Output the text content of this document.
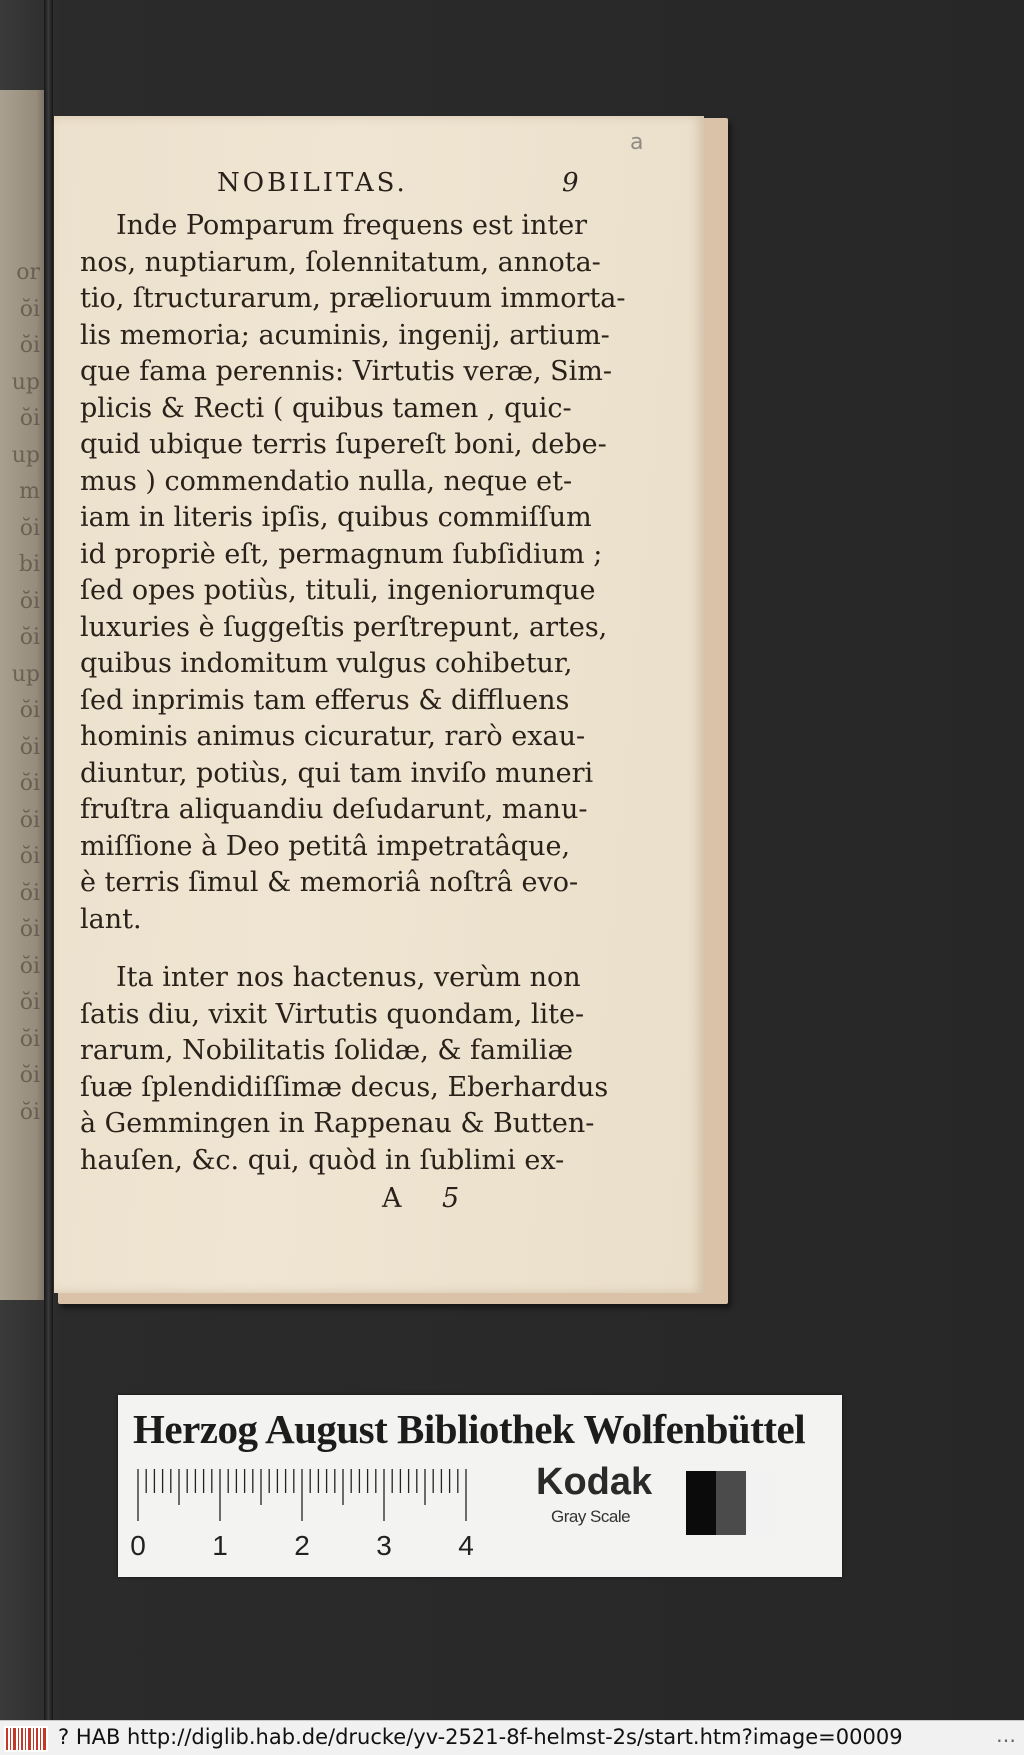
or
ŏi
ŏi
up
ŏi
up
m
ŏi
bi
ŏi
ŏi
up
ŏi
ŏi
ŏi
ŏi
ŏi
ŏi
ŏi
ŏi
ŏi
ŏi
ŏi
ŏi
a
NOBILITAS.	9
Inde Pomparum frequens est inter
nos, nuptiarum, ſolennitatum, annota-
tio, ſtructurarum, prælioruum immorta-
lis memoria; acuminis, ingenij, artium-
que fama perennis: Virtutis veræ, Sim-
plicis & Recti ( quibus tamen , quic-
quid ubique terris ſupereſt boni, debe-
mus ) commendatio nulla, neque et-
iam in literis ipſis, quibus commiſſum
id propriè eſt, permagnum ſubſidium ;
ſed opes potiùs, tituli, ingeniorumque
luxuries è ſuggeſtis perſtrepunt, artes,
quibus indomitum vulgus cohibetur,
ſed inprimis tam efferus & diffluens
hominis animus cicuratur, rarò exau-
diuntur, potiùs, qui tam inviſo muneri
fruſtra aliquandiu deſudarunt, manu-
miſſione à Deo petitâ impetratâque,
è terris ſimul & memoriâ noſtrâ evo-
lant.
Ita inter nos hactenus, verùm non
ſatis diu, vixit Virtutis quondam, lite-
rarum, Nobilitatis ſolidæ, & familiæ
ſuæ ſplendidiſſimæ decus, Eberhardus
à Gemmingen in Rappenau & Butten-
hauſen, &c. qui, quòd in ſublimi ex-
A 5
Herzog August Bibliothek Wolfenbüttel
0 1 2 3 4
Kodak
Gray Scale
? HAB http://diglib.hab.de/drucke/yv-2521-8f-helmst-2s/start.htm?image=00009	…
